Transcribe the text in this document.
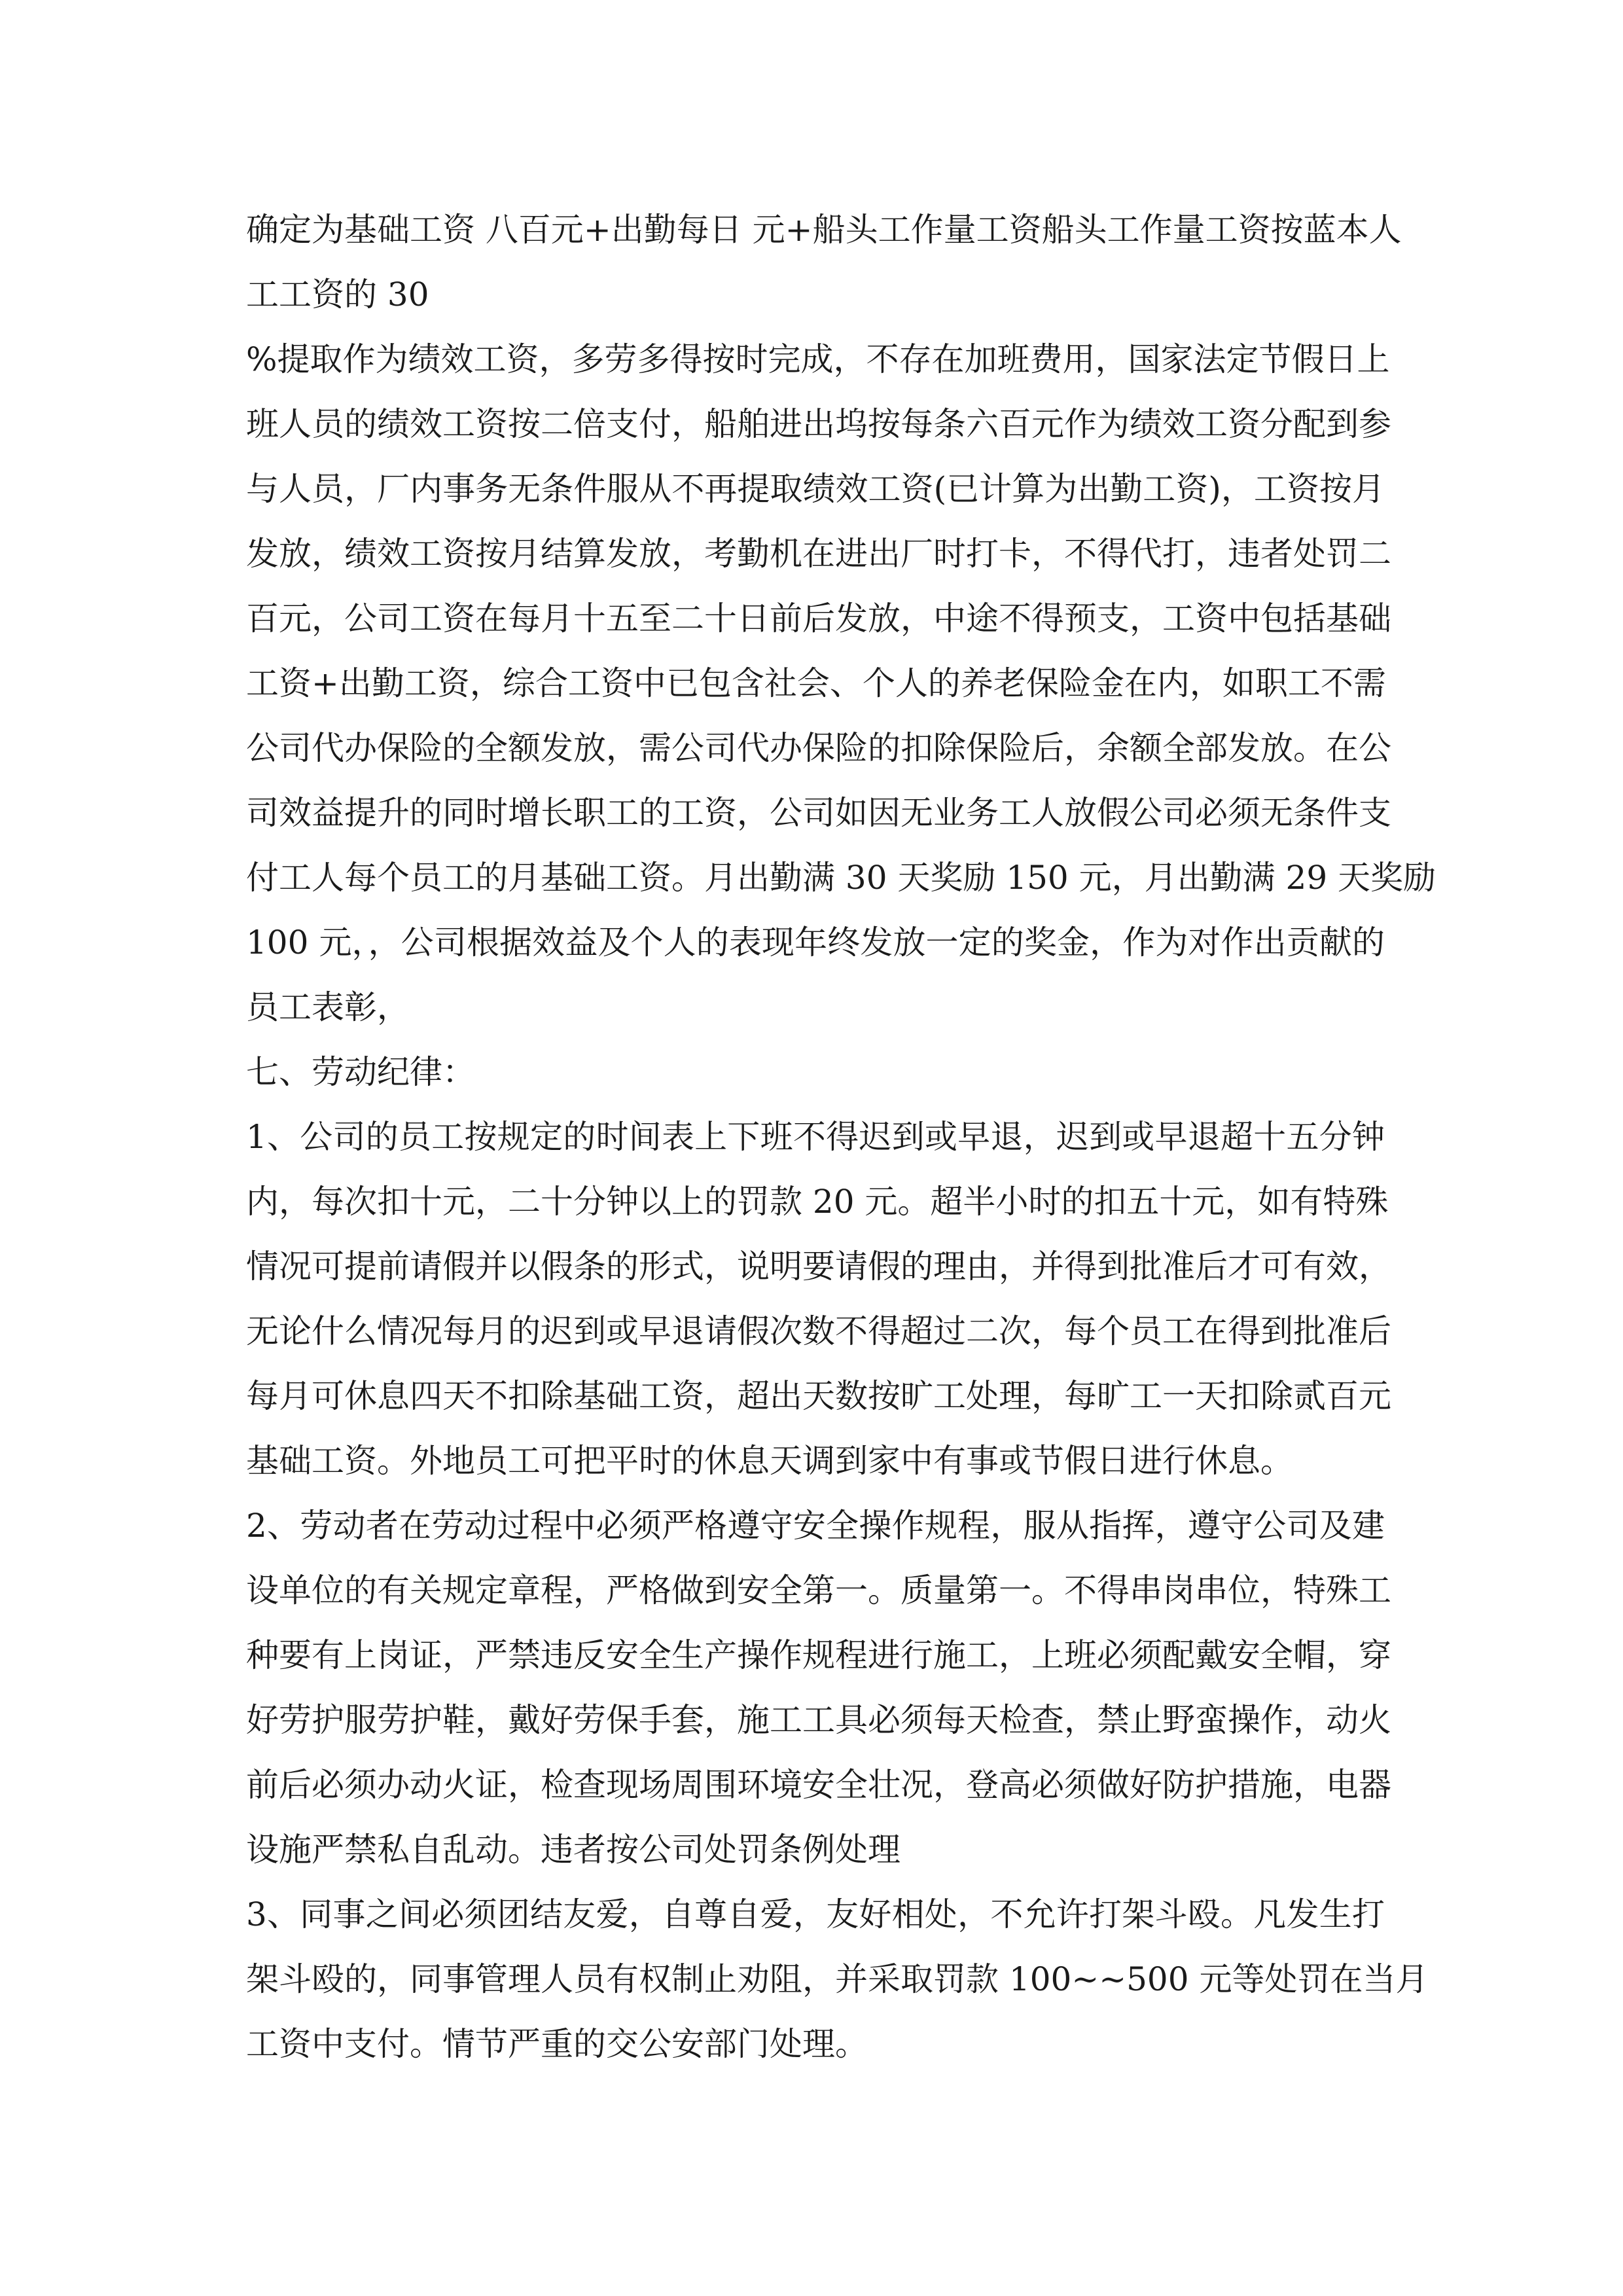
确定为基础工资 八百元+出勤每日 元+船头工作量工资船头工作量工资按蓝本人
工工资的 30
%提取作为绩效工资，多劳多得按时完成，不存在加班费用，国家法定节假日上
班人员的绩效工资按二倍支付，船舶进出坞按每条六百元作为绩效工资分配到参
与人员，厂内事务无条件服从不再提取绩效工资(已计算为出勤工资)，工资按月
发放，绩效工资按月结算发放，考勤机在进出厂时打卡，不得代打，违者处罚二
百元，公司工资在每月十五至二十日前后发放，中途不得预支，工资中包括基础
工资+出勤工资，综合工资中已包含社会、个人的养老保险金在内，如职工不需
公司代办保险的全额发放，需公司代办保险的扣除保险后，余额全部发放。在公
司效益提升的同时增长职工的工资，公司如因无业务工人放假公司必须无条件支
付工人每个员工的月基础工资。月出勤满 30 天奖励 150 元，月出勤满 29 天奖励
100 元，，公司根据效益及个人的表现年终发放一定的奖金，作为对作出贡献的
员工表彰，
七、劳动纪律：
1、公司的员工按规定的时间表上下班不得迟到或早退，迟到或早退超十五分钟
内，每次扣十元，二十分钟以上的罚款 20 元。超半小时的扣五十元，如有特殊
情况可提前请假并以假条的形式，说明要请假的理由，并得到批准后才可有效，
无论什么情况每月的迟到或早退请假次数不得超过二次，每个员工在得到批准后
每月可休息四天不扣除基础工资，超出天数按旷工处理，每旷工一天扣除贰百元
基础工资。外地员工可把平时的休息天调到家中有事或节假日进行休息。
2、劳动者在劳动过程中必须严格遵守安全操作规程，服从指挥，遵守公司及建
设单位的有关规定章程，严格做到安全第一。质量第一。不得串岗串位，特殊工
种要有上岗证，严禁违反安全生产操作规程进行施工，上班必须配戴安全帽，穿
好劳护服劳护鞋，戴好劳保手套，施工工具必须每天检查，禁止野蛮操作，动火
前后必须办动火证，检查现场周围环境安全壮况，登高必须做好防护措施，电器
设施严禁私自乱动。违者按公司处罚条例处理
3、同事之间必须团结友爱，自尊自爱，友好相处，不允许打架斗殴。凡发生打
架斗殴的，同事管理人员有权制止劝阻，并采取罚款 100~~500 元等处罚在当月
工资中支付。情节严重的交公安部门处理。
